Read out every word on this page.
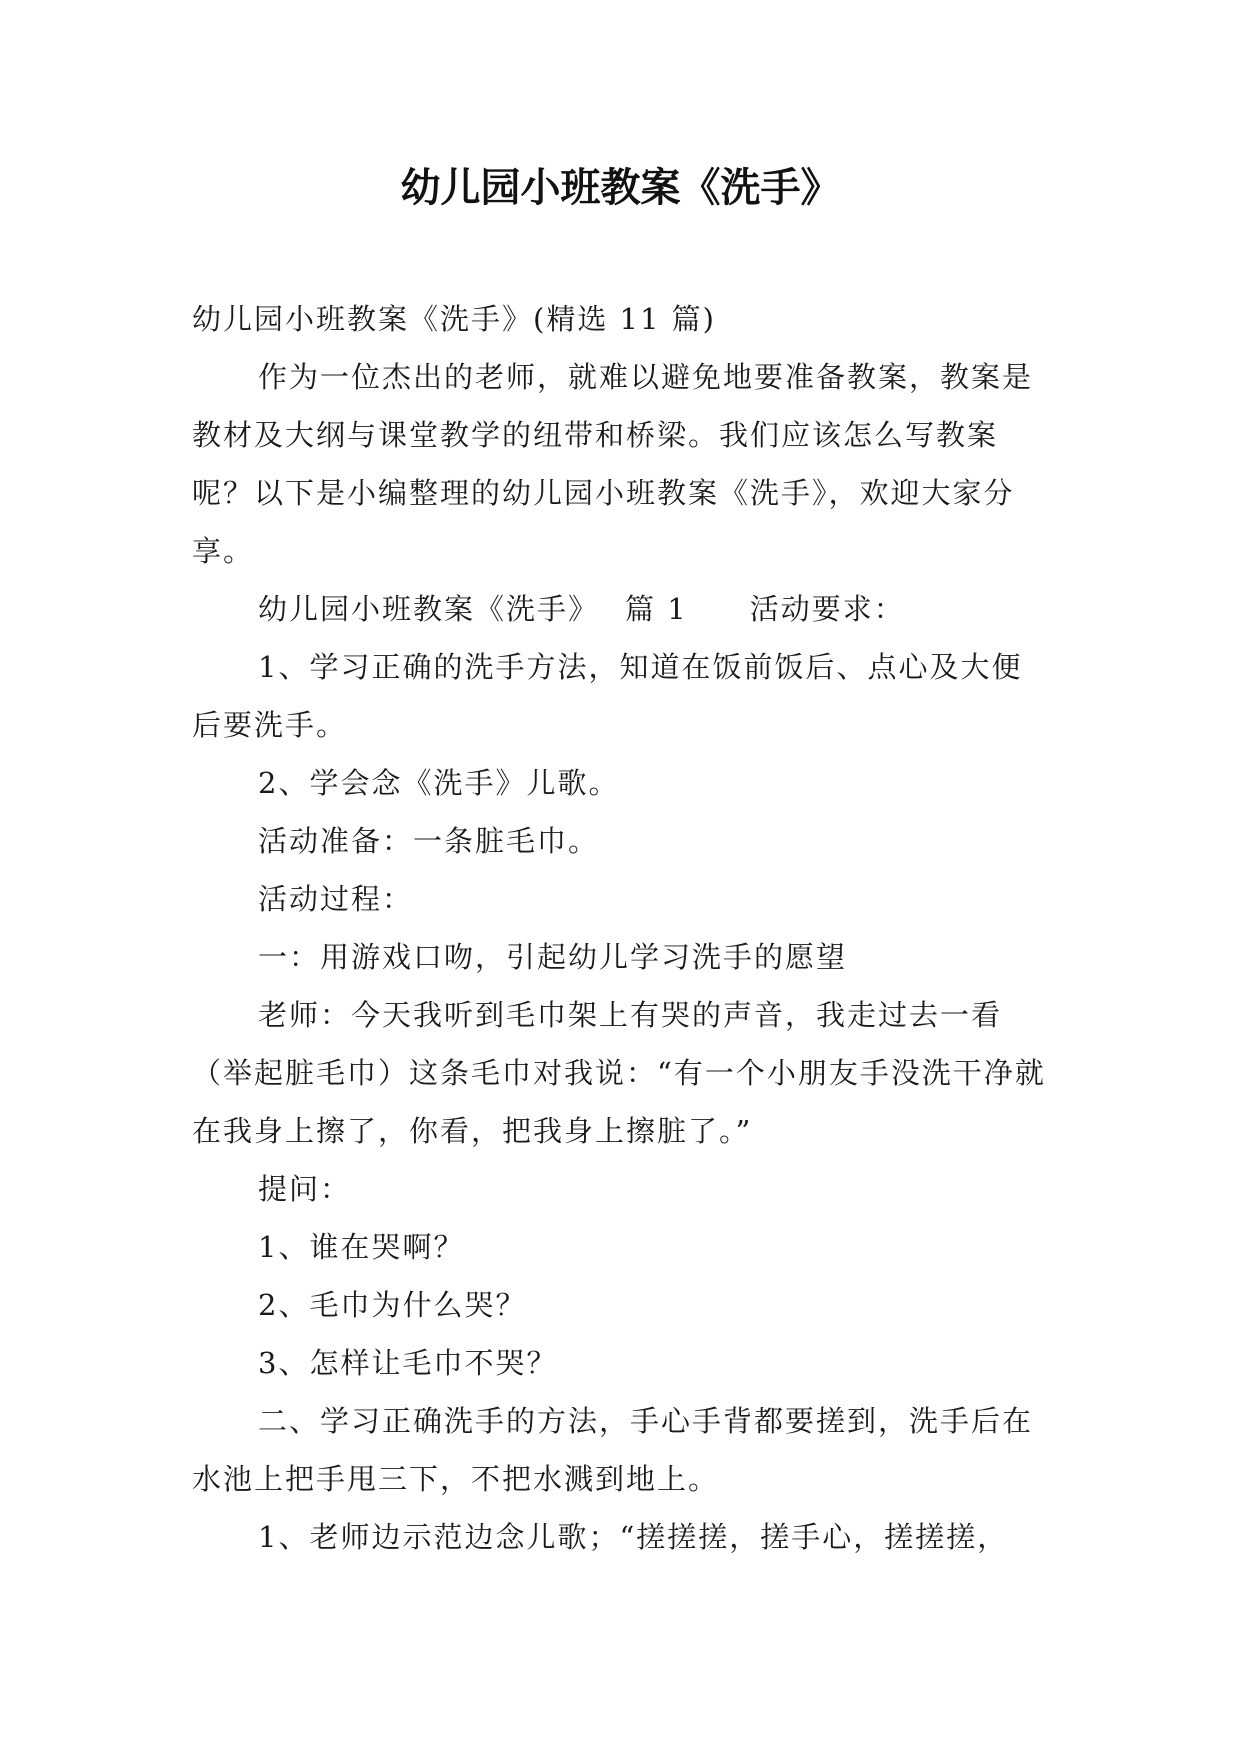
幼儿园小班教案《洗手》

幼儿园小班教案《洗手》(精选 11 篇)

作为一位杰出的老师，就难以避免地要准备教案，教案是教材及大纲与课堂教学的纽带和桥梁。我们应该怎么写教案呢？以下是小编整理的幼儿园小班教案《洗手》，欢迎大家分享。

幼儿园小班教案《洗手》 篇 1 活动要求：

1、学习正确的洗手方法，知道在饭前饭后、点心及大便后要洗手。

2、学会念《洗手》儿歌。

活动准备：一条脏毛巾。

活动过程：

一：用游戏口吻，引起幼儿学习洗手的愿望

老师：今天我听到毛巾架上有哭的声音，我走过去一看（举起脏毛巾）这条毛巾对我说：“有一个小朋友手没洗干净就在我身上擦了，你看，把我身上擦脏了。”

提问：

1、谁在哭啊？

2、毛巾为什么哭？

3、怎样让毛巾不哭？

二、学习正确洗手的方法，手心手背都要搓到，洗手后在水池上把手甩三下，不把水溅到地上。

1、老师边示范边念儿歌；“搓搓搓，搓手心，搓搓搓，
